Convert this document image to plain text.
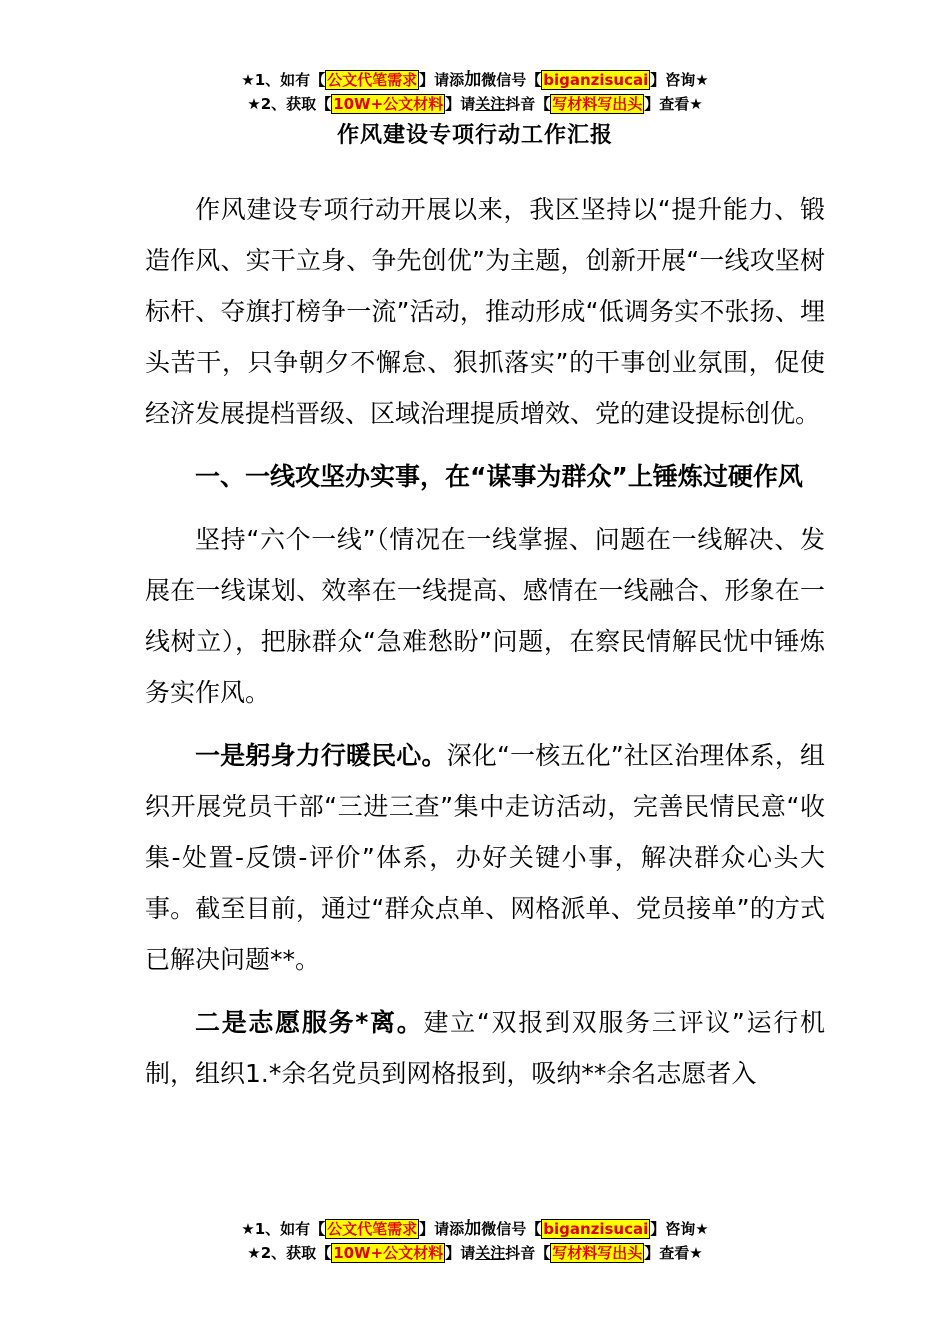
★1、如有【 公文代笔需求 】请添加微信号【 biganzisucai 】咨询★
★2、获取【 10W+公文材料 】请关注抖音【 写材料写出头 】查看★
作风建设专项行动工作汇报

作风建设专项行动开展以来，我区坚持以“提升能力、锻造作风、实干立身、争先创优”为主题，创新开展“一线攻坚树标杆、夺旗打榜争一流”活动，推动形成“低调务实不张扬、埋头苦干，只争朝夕不懈怠、狠抓落实”的干事创业氛围，促使经济发展提档晋级、区域治理提质增效、党的建设提标创优。

一、一线攻坚办实事，在“谋事为群众”上锤炼过硬作风

坚持“六个一线”（情况在一线掌握、问题在一线解决、发展在一线谋划、效率在一线提高、感情在一线融合、形象在一线树立），把脉群众“急难愁盼”问题，在察民情解民忧中锤炼务实作风。

一是躬身力行暖民心。深化“一核五化”社区治理体系，组织开展党员干部“三进三查”集中走访活动，完善民情民意“收集-处置-反馈-评价”体系，办好关键小事，解决群众心头大事。截至目前，通过“群众点单、网格派单、党员接单”的方式已解决问题**。

二是志愿服务*离。建立“双报到双服务三评议”运行机制，组织1.*余名党员到网格报到，吸纳**余名志愿者入

★1、如有【 公文代笔需求 】请添加微信号【 biganzisucai 】咨询★
★2、获取【 10W+公文材料 】请关注抖音【 写材料写出头 】查看★
